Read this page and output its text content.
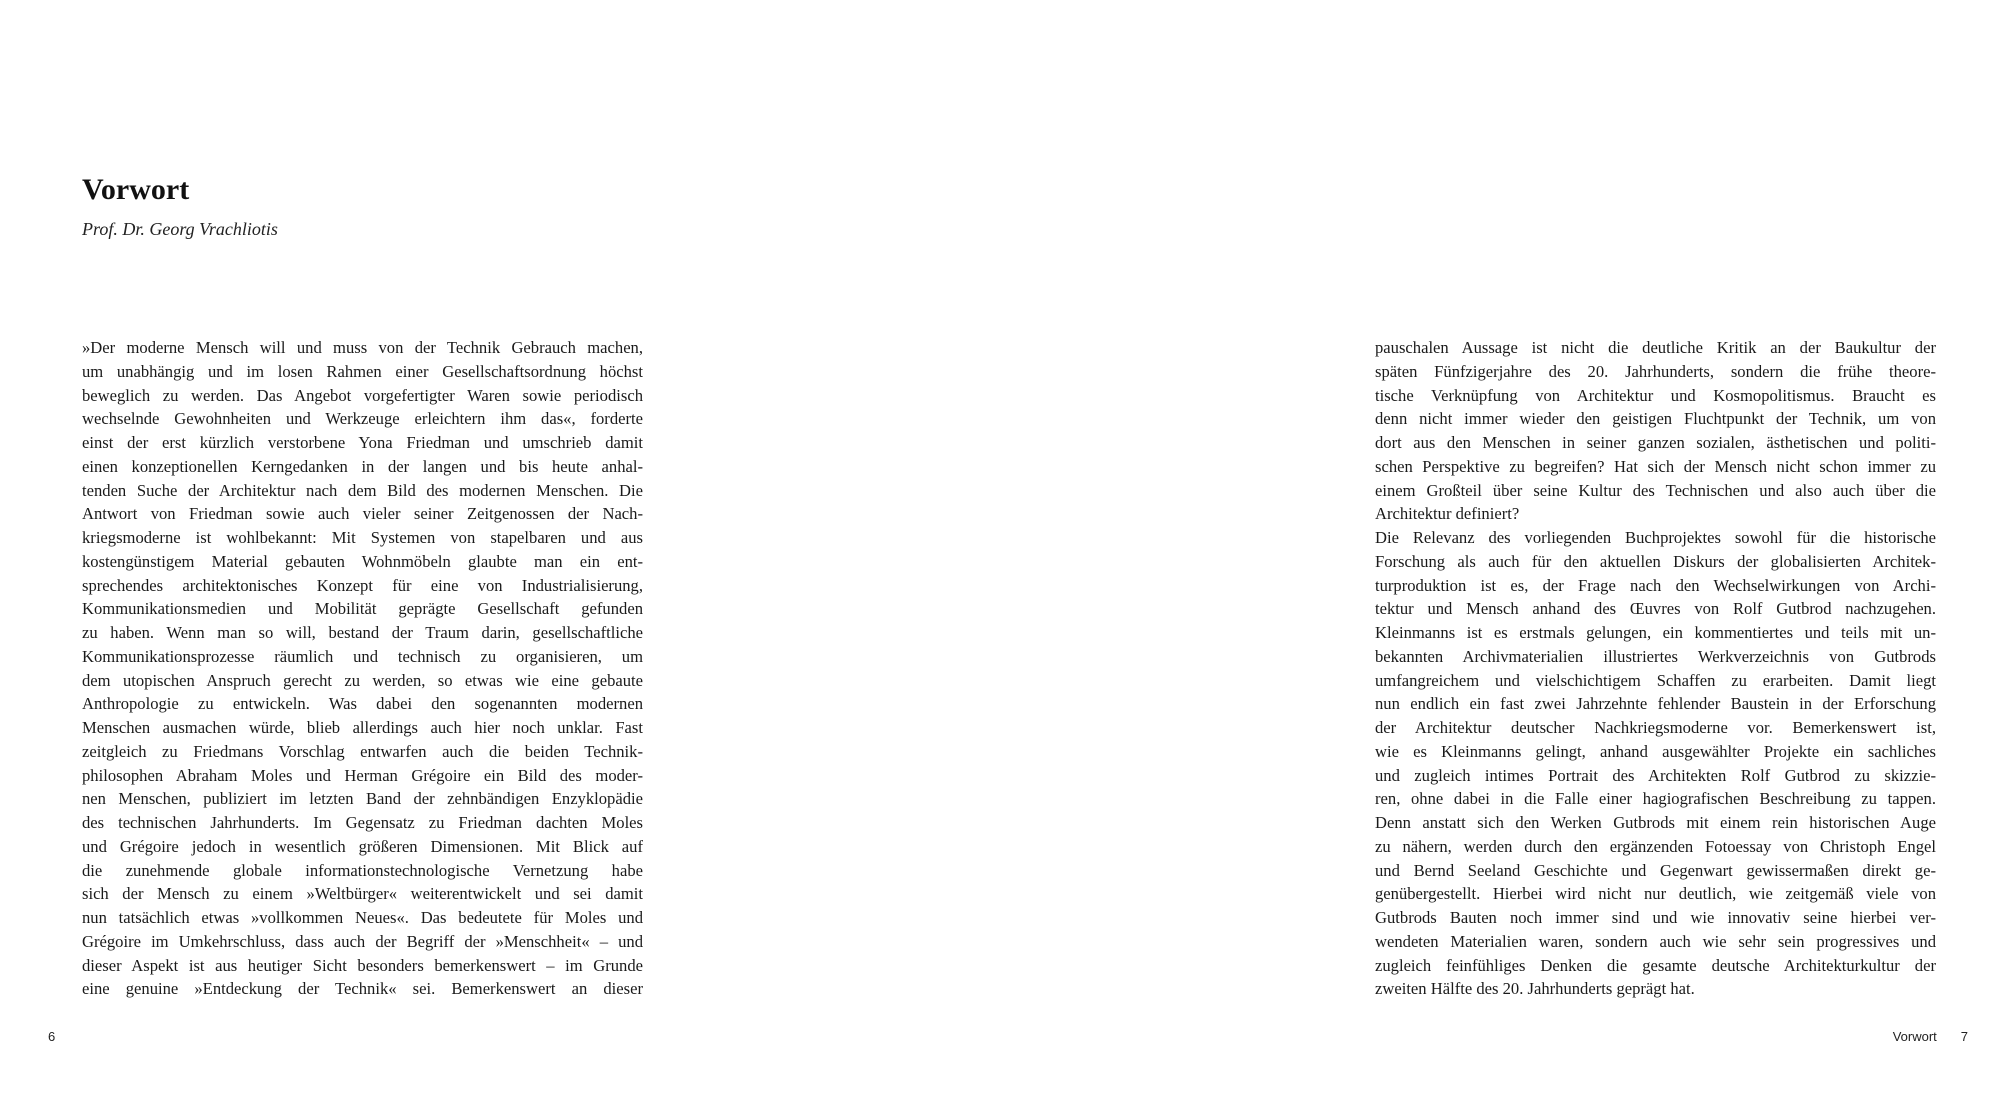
Vorwort
Prof. Dr. Georg Vrachliotis
»Der moderne Mensch will und muss von der Technik Gebrauch machen,
um unabhängig und im losen Rahmen einer Gesellschaftsordnung höchst
beweglich zu werden. Das Angebot vorgefertigter Waren sowie periodisch
wechselnde Gewohnheiten und Werkzeuge erleichtern ihm das«, forderte
einst der erst kürzlich verstorbene Yona Friedman und umschrieb damit
einen konzeptionellen Kerngedanken in der langen und bis heute anhal-
tenden Suche der Architektur nach dem Bild des modernen Menschen. Die
Antwort von Friedman sowie auch vieler seiner Zeitgenossen der Nach-
kriegsmoderne ist wohlbekannt: Mit Systemen von stapelbaren und aus
kostengünstigem Material gebauten Wohnmöbeln glaubte man ein ent-
sprechendes architektonisches Konzept für eine von Industrialisierung,
Kommunikationsmedien und Mobilität geprägte Gesellschaft gefunden
zu haben. Wenn man so will, bestand der Traum darin, gesellschaftliche
Kommunikationsprozesse räumlich und technisch zu organisieren, um
dem utopischen Anspruch gerecht zu werden, so etwas wie eine gebaute
Anthropologie zu entwickeln. Was dabei den sogenannten modernen
Menschen ausmachen würde, blieb allerdings auch hier noch unklar. Fast
zeitgleich zu Friedmans Vorschlag entwarfen auch die beiden Technik-
philosophen Abraham Moles und Herman Grégoire ein Bild des moder-
nen Menschen, publiziert im letzten Band der zehnbändigen Enzyklopädie
des technischen Jahrhunderts. Im Gegensatz zu Friedman dachten Moles
und Grégoire jedoch in wesentlich größeren Dimensionen. Mit Blick auf
die zunehmende globale informationstechnologische Vernetzung habe
sich der Mensch zu einem »Weltbürger« weiterentwickelt und sei damit
nun tatsächlich etwas »vollkommen Neues«. Das bedeutete für Moles und
Grégoire im Umkehrschluss, dass auch der Begriff der »Menschheit« – und
dieser Aspekt ist aus heutiger Sicht besonders bemerkenswert – im Grunde
eine genuine »Entdeckung der Technik« sei. Bemerkenswert an dieser
pauschalen Aussage ist nicht die deutliche Kritik an der Baukultur der
späten Fünfzigerjahre des 20. Jahrhunderts, sondern die frühe theore-
tische Verknüpfung von Architektur und Kosmopolitismus. Braucht es
denn nicht immer wieder den geistigen Fluchtpunkt der Technik, um von
dort aus den Menschen in seiner ganzen sozialen, ästhetischen und politi-
schen Perspektive zu begreifen? Hat sich der Mensch nicht schon immer zu
einem Großteil über seine Kultur des Technischen und also auch über die
Architektur definiert?
Die Relevanz des vorliegenden Buchprojektes sowohl für die historische
Forschung als auch für den aktuellen Diskurs der globalisierten Architek-
turproduktion ist es, der Frage nach den Wechselwirkungen von Archi-
tektur und Mensch anhand des Œuvres von Rolf Gutbrod nachzugehen.
Kleinmanns ist es erstmals gelungen, ein kommentiertes und teils mit un-
bekannten Archivmaterialien illustriertes Werkverzeichnis von Gutbrods
umfangreichem und vielschichtigem Schaffen zu erarbeiten. Damit liegt
nun endlich ein fast zwei Jahrzehnte fehlender Baustein in der Erforschung
der Architektur deutscher Nachkriegsmoderne vor. Bemerkenswert ist,
wie es Kleinmanns gelingt, anhand ausgewählter Projekte ein sachliches
und zugleich intimes Portrait des Architekten Rolf Gutbrod zu skizzie-
ren, ohne dabei in die Falle einer hagiografischen Beschreibung zu tappen.
Denn anstatt sich den Werken Gutbrods mit einem rein historischen Auge
zu nähern, werden durch den ergänzenden Fotoessay von Christoph Engel
und Bernd Seeland Geschichte und Gegenwart gewissermaßen direkt ge-
genübergestellt. Hierbei wird nicht nur deutlich, wie zeitgemäß viele von
Gutbrods Bauten noch immer sind und wie innovativ seine hierbei ver-
wendeten Materialien waren, sondern auch wie sehr sein progressives und
zugleich feinfühliges Denken die gesamte deutsche Architekturkultur der
zweiten Hälfte des 20. Jahrhunderts geprägt hat.
6	Vorwort 7
